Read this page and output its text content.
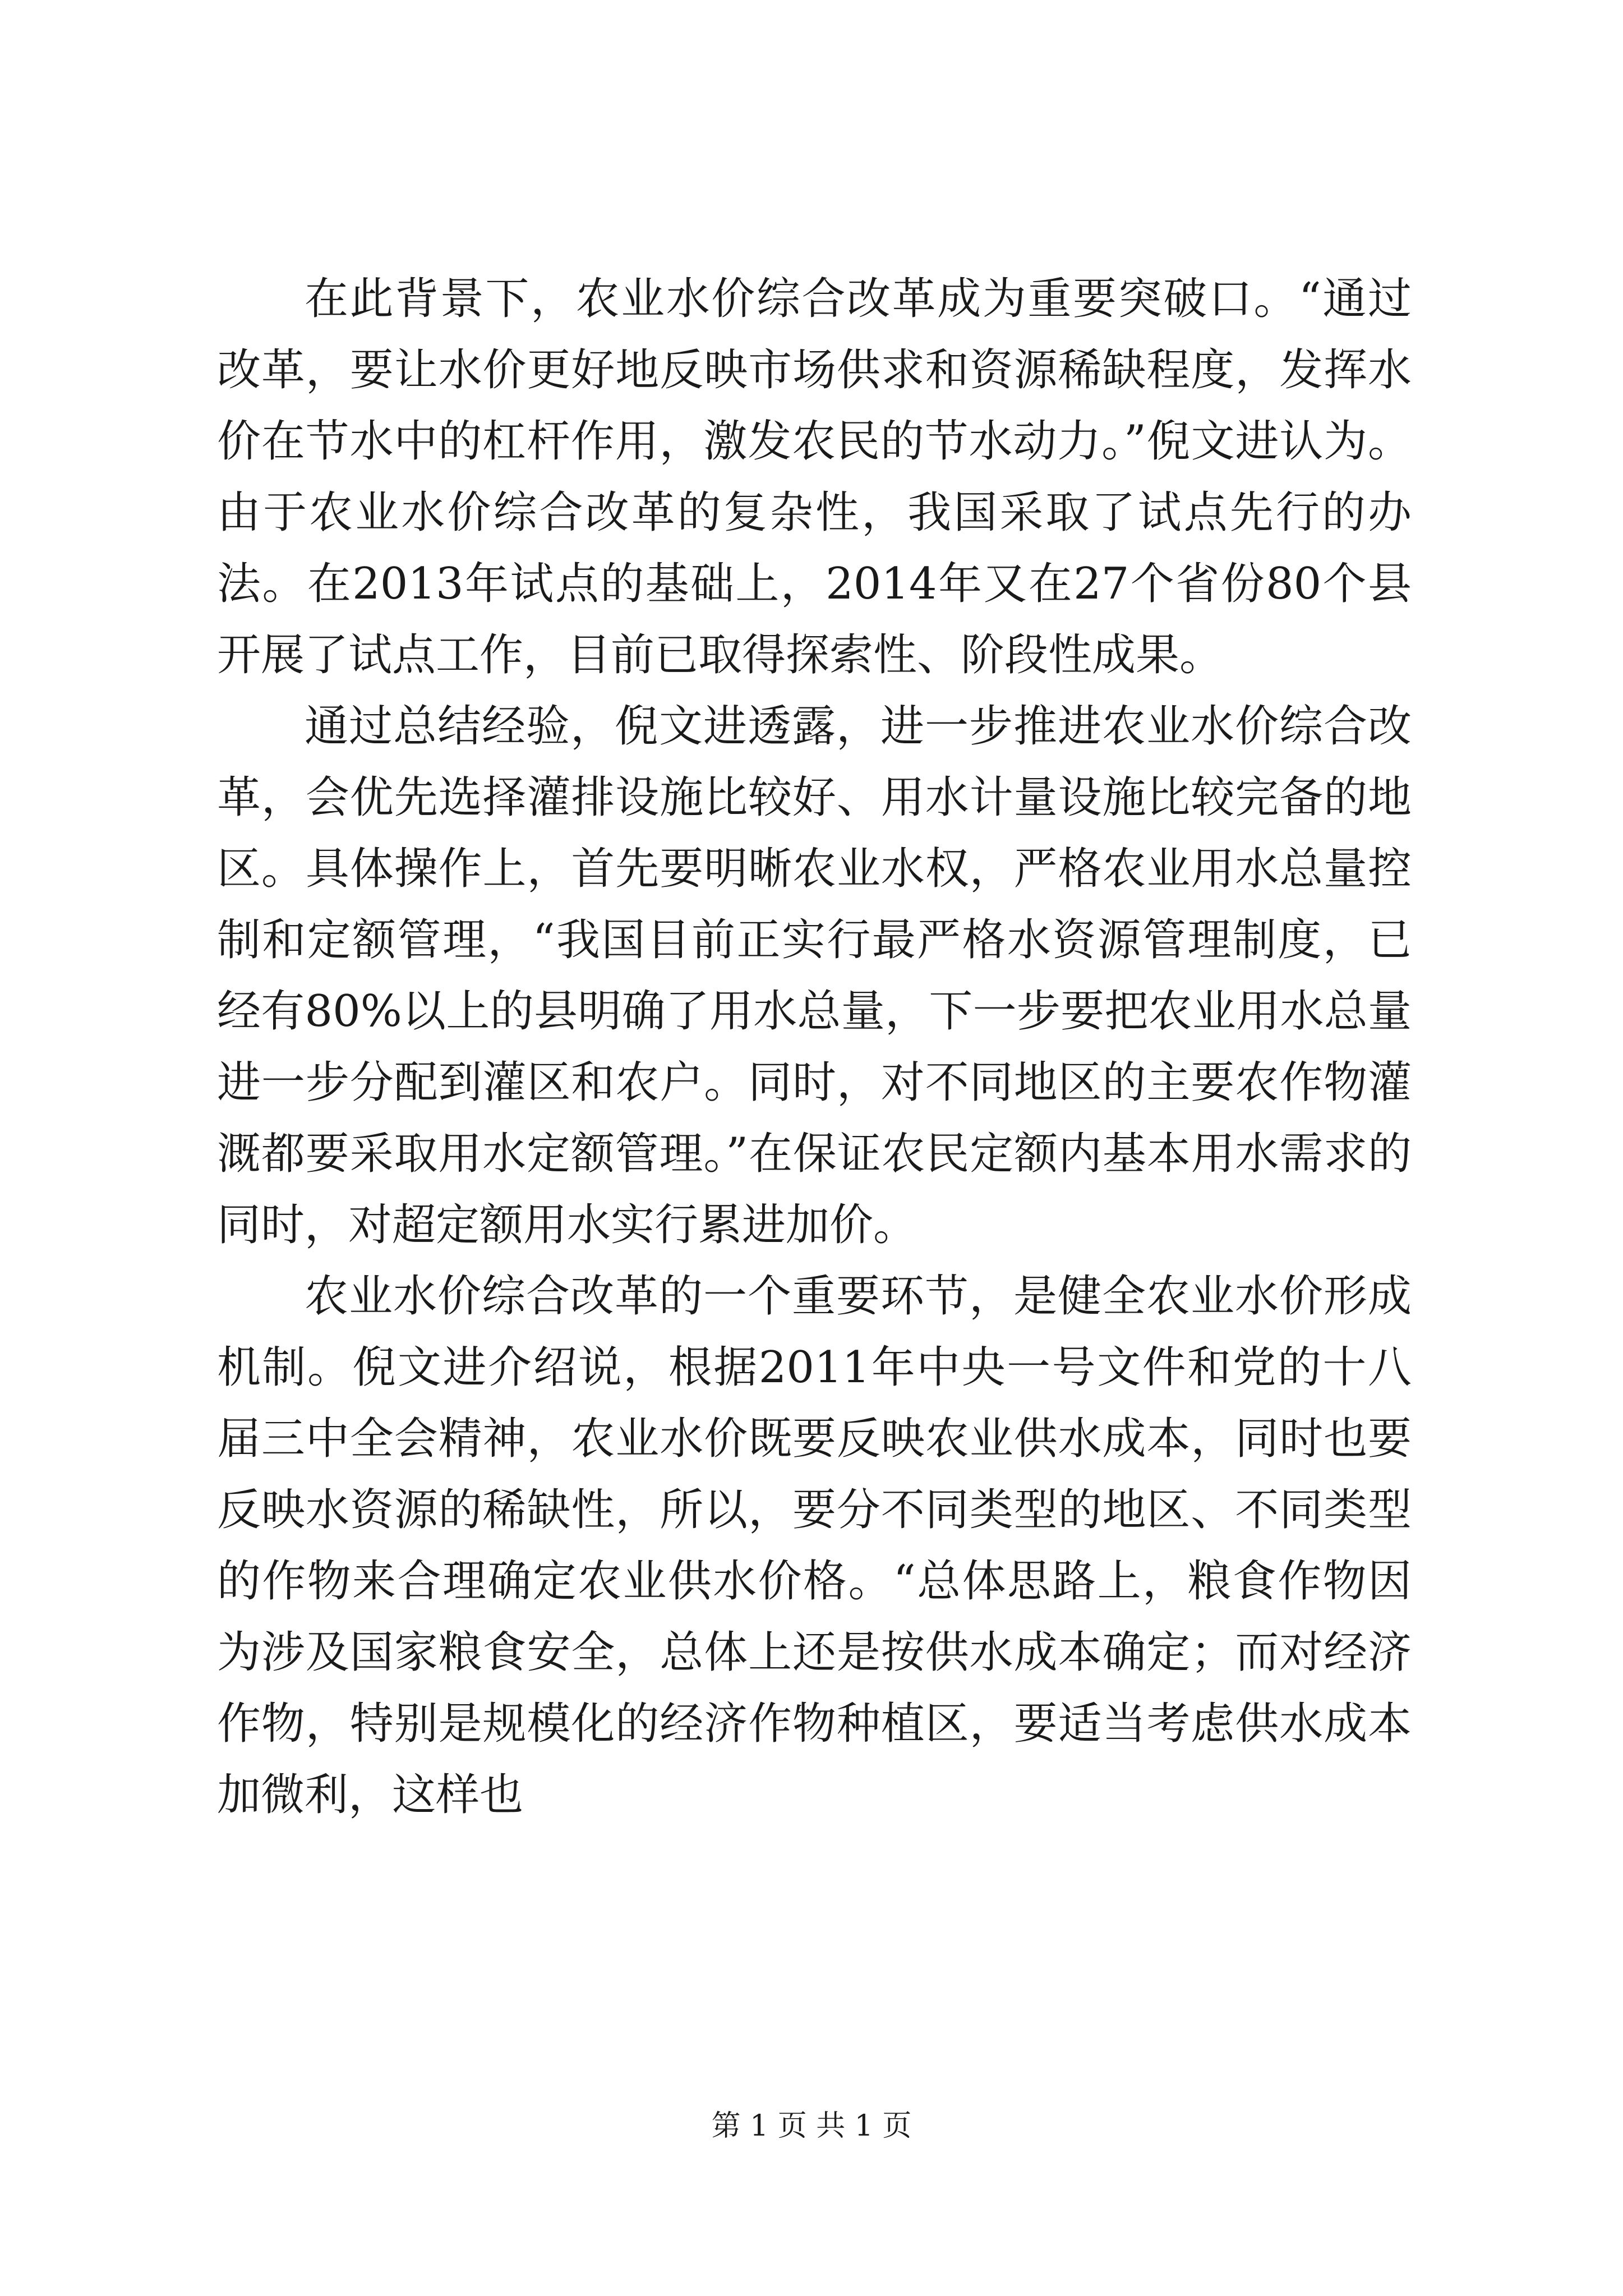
在此背景下，农业水价综合改革成为重要突破口。“通过改革，要让水价更好地反映市场供求和资源稀缺程度，发挥水价在节水中的杠杆作用，激发农民的节水动力。”倪文进认为。由于农业水价综合改革的复杂性，我国采取了试点先行的办法。在2013年试点的基础上，2014年又在27个省份80个县开展了试点工作，目前已取得探索性、阶段性成果。

通过总结经验，倪文进透露，进一步推进农业水价综合改革，会优先选择灌排设施比较好、用水计量设施比较完备的地区。具体操作上，首先要明晰农业水权，严格农业用水总量控制和定额管理，“我国目前正实行最严格水资源管理制度，已经有80%以上的县明确了用水总量，下一步要把农业用水总量进一步分配到灌区和农户。同时，对不同地区的主要农作物灌溉都要采取用水定额管理。”在保证农民定额内基本用水需求的同时，对超定额用水实行累进加价。

农业水价综合改革的一个重要环节，是健全农业水价形成机制。倪文进介绍说，根据2011年中央一号文件和党的十八届三中全会精神，农业水价既要反映农业供水成本，同时也要反映水资源的稀缺性，所以，要分不同类型的地区、不同类型的作物来合理确定农业供水价格。“总体思路上，粮食作物因为涉及国家粮食安全，总体上还是按供水成本确定；而对经济作物，特别是规模化的经济作物种植区，要适当考虑供水成本加微利，这样也

第 1 页 共 1 页
